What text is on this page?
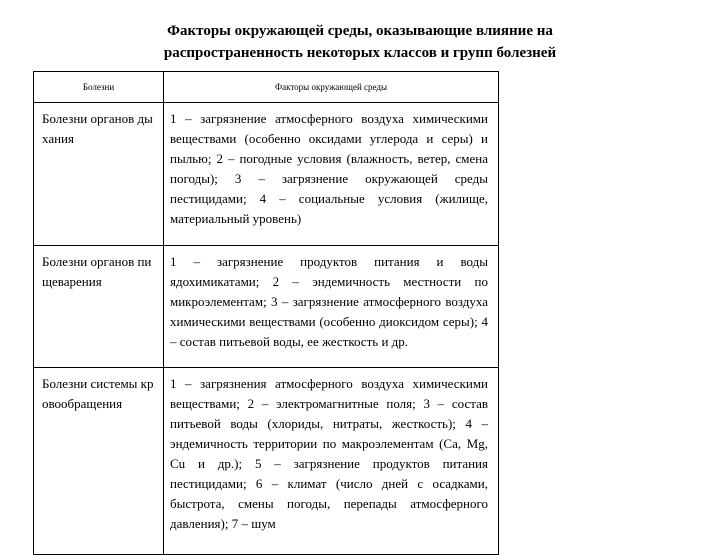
Факторы окружающей среды, оказывающие влияние на
распространенность некоторых классов и групп болезней
Болезни	Факторы окружающей среды
Болезни органов дыхания	1 – загрязнение атмосферного воздуха химическими веществами (особенно оксидами углерода и серы) и пылью; 2 – погодные условия (влажность, ветер, смена погоды); 3 – загрязнение окружающей среды пестицидами; 4 – социальные условия (жилище, материальный уровень)
Болезни органов пищеварения	1 – загрязнение продуктов питания и воды ядохимикатами; 2 – эндемичность местности по микроэлементам; 3 – загрязнение атмосферного воздуха химическими веществами (особенно диоксидом серы); 4 – состав питьевой воды, ее жесткость и др.
Болезни системы кровообращения	1 – загрязнения атмосферного воздуха химическими веществами; 2 – электромагнитные поля; 3 – состав питьевой воды (хлориды, нитраты, жесткость); 4 – эндемичность территории по макроэлементам (Са, Mg, Cu и др.); 5 – загрязнение продуктов питания пестицидами; 6 – климат (число дней с осадками, быстрота, смены погоды, перепады атмосферного давления); 7 – шум
